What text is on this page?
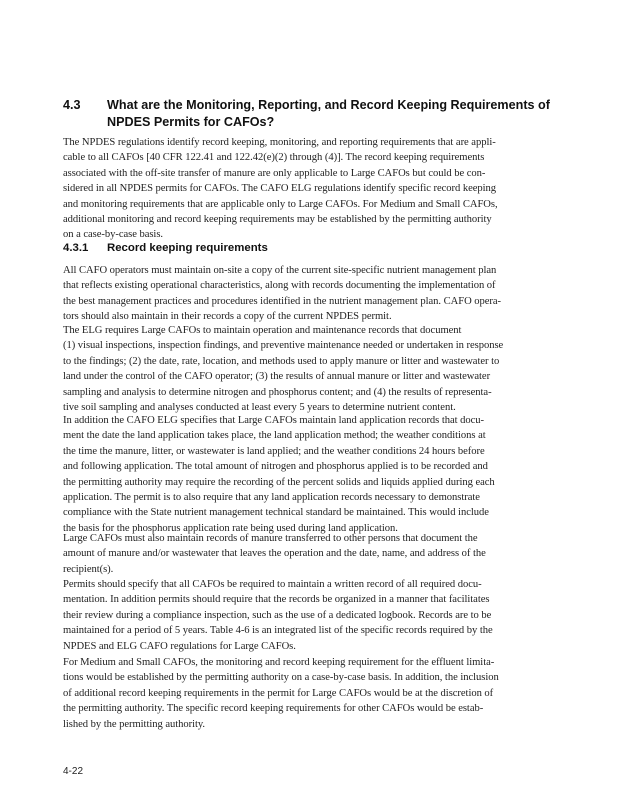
4.3 What are the Monitoring, Reporting, and Record Keeping Requirements of NPDES Permits for CAFOs?
The NPDES regulations identify record keeping, monitoring, and reporting requirements that are appli-
cable to all CAFOs [40 CFR 122.41 and 122.42(e)(2) through (4)]. The record keeping requirements
associated with the off-site transfer of manure are only applicable to Large CAFOs but could be con-
sidered in all NPDES permits for CAFOs. The CAFO ELG regulations identify specific record keeping
and monitoring requirements that are applicable only to Large CAFOs. For Medium and Small CAFOs,
additional monitoring and record keeping requirements may be established by the permitting authority
on a case-by-case basis.
4.3.1 Record keeping requirements
All CAFO operators must maintain on-site a copy of the current site-specific nutrient management plan
that reflects existing operational characteristics, along with records documenting the implementation of
the best management practices and procedures identified in the nutrient management plan. CAFO opera-
tors should also maintain in their records a copy of the current NPDES permit.
The ELG requires Large CAFOs to maintain operation and maintenance records that document
(1) visual inspections, inspection findings, and preventive maintenance needed or undertaken in response
to the findings; (2) the date, rate, location, and methods used to apply manure or litter and wastewater to
land under the control of the CAFO operator; (3) the results of annual manure or litter and wastewater
sampling and analysis to determine nitrogen and phosphorus content; and (4) the results of representa-
tive soil sampling and analyses conducted at least every 5 years to determine nutrient content.
In addition the CAFO ELG specifies that Large CAFOs maintain land application records that docu-
ment the date the land application takes place, the land application method; the weather conditions at
the time the manure, litter, or wastewater is land applied; and the weather conditions 24 hours before
and following application. The total amount of nitrogen and phosphorus applied is to be recorded and
the permitting authority may require the recording of the percent solids and liquids applied during each
application. The permit is to also require that any land application records necessary to demonstrate
compliance with the State nutrient management technical standard be maintained. This would include
the basis for the phosphorus application rate being used during land application.
Large CAFOs must also maintain records of manure transferred to other persons that document the
amount of manure and/or wastewater that leaves the operation and the date, name, and address of the
recipient(s).
Permits should specify that all CAFOs be required to maintain a written record of all required docu-
mentation. In addition permits should require that the records be organized in a manner that facilitates
their review during a compliance inspection, such as the use of a dedicated logbook. Records are to be
maintained for a period of 5 years. Table 4-6 is an integrated list of the specific records required by the
NPDES and ELG CAFO regulations for Large CAFOs.
For Medium and Small CAFOs, the monitoring and record keeping requirement for the effluent limita-
tions would be established by the permitting authority on a case-by-case basis. In addition, the inclusion
of additional record keeping requirements in the permit for Large CAFOs would be at the discretion of
the permitting authority. The specific record keeping requirements for other CAFOs would be estab-
lished by the permitting authority.
4-22
